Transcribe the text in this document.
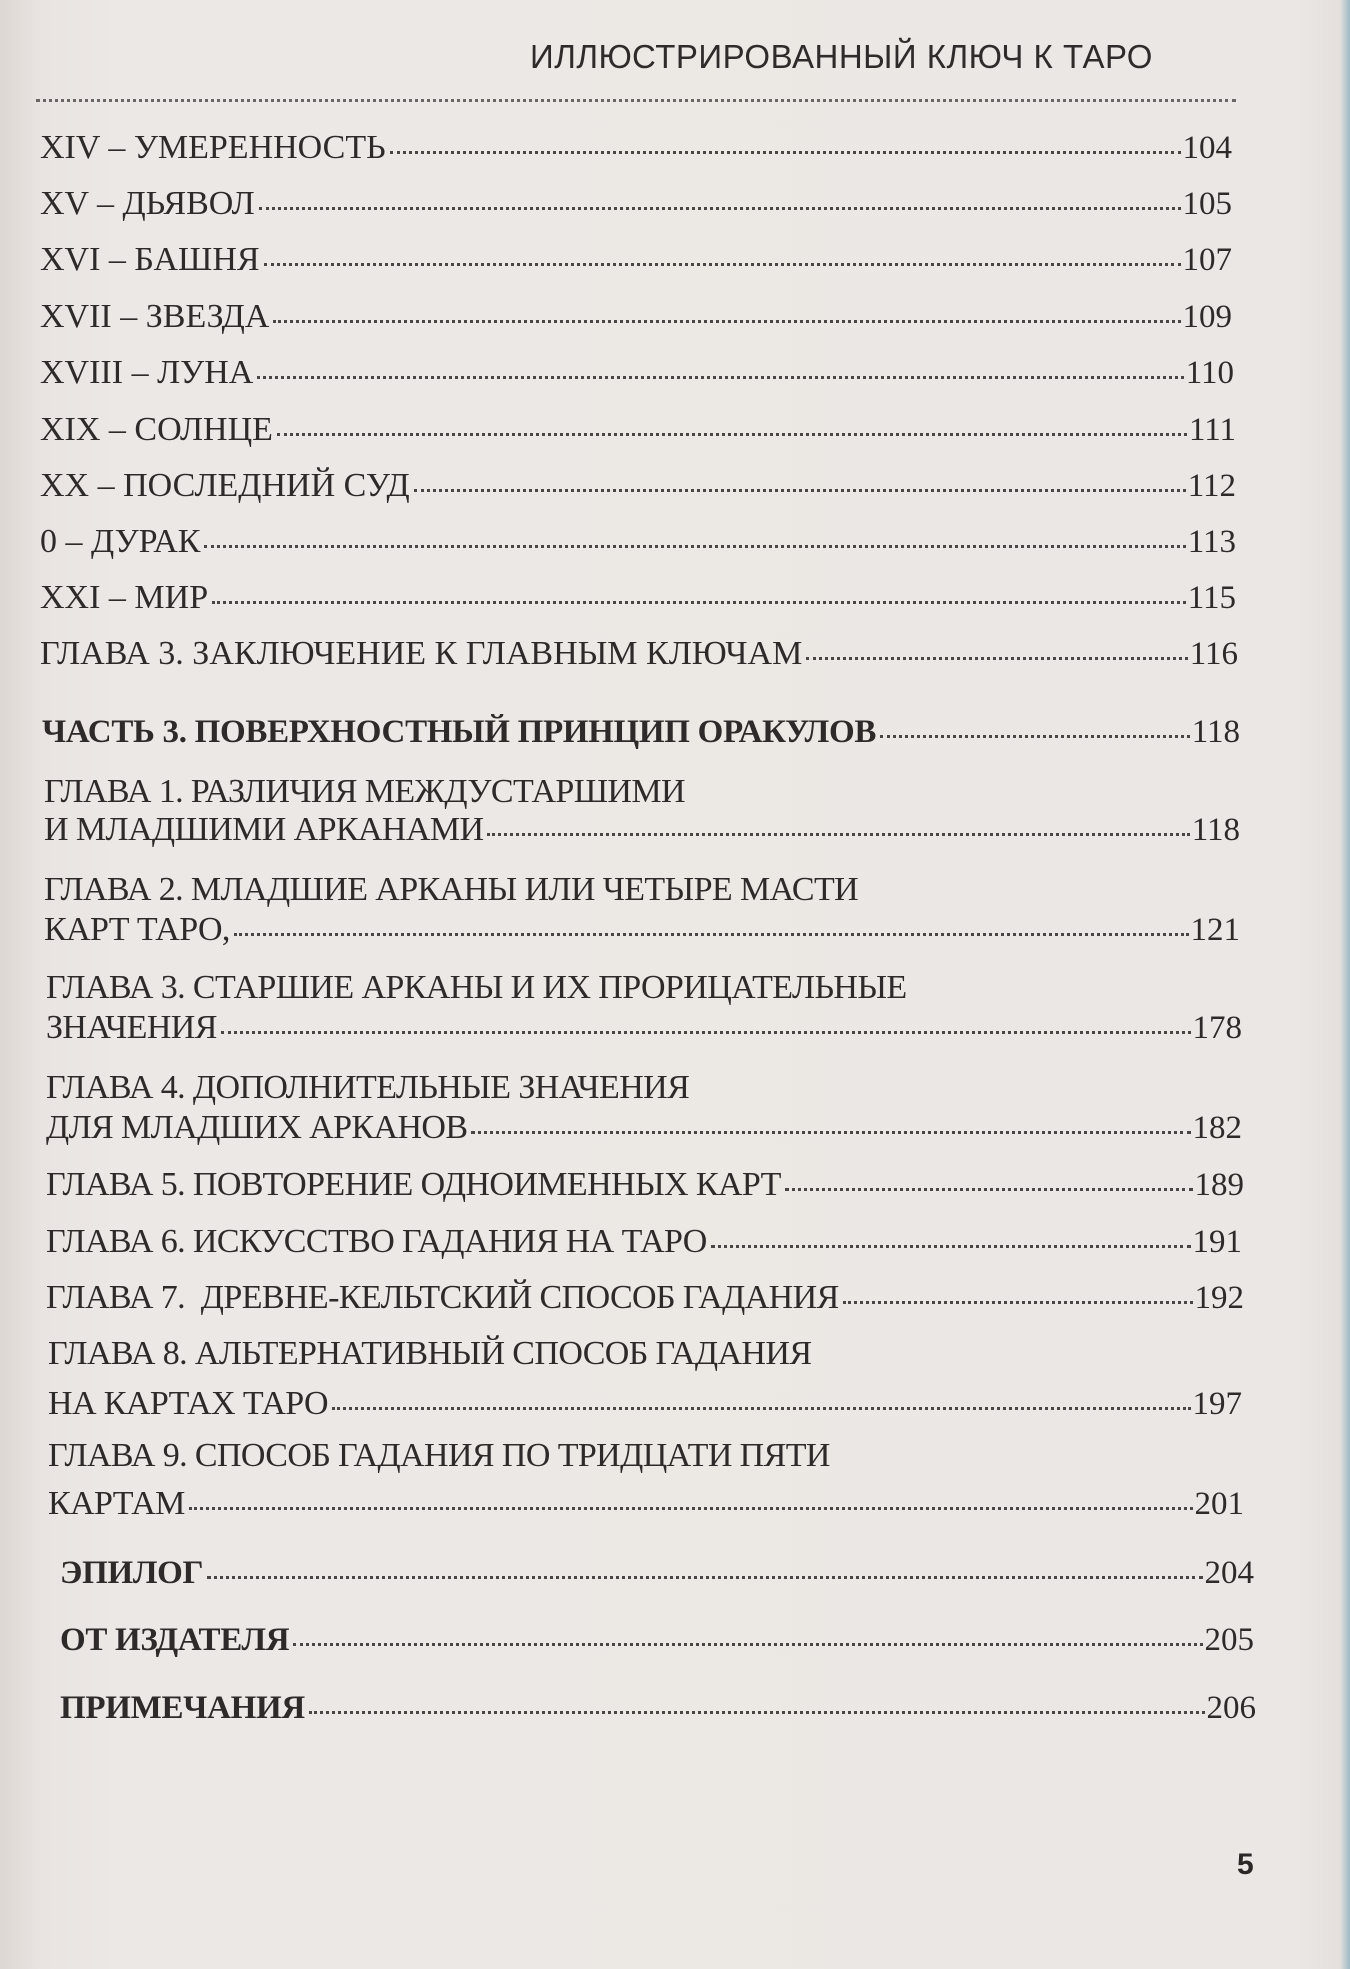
ИЛЛЮСТРИРОВАННЫЙ КЛЮЧ К ТАРО
XIV – УМЕРЕННОСТЬ	104
XV – ДЬЯВОЛ	105
XVI – БАШНЯ	107
XVII – ЗВЕЗДА	109
XVIII – ЛУНА	110
XIX – СОЛНЦЕ	111
XX – ПОСЛЕДНИЙ СУД	112
0 – ДУРАК	113
XXI – МИР	115
ГЛАВА 3. ЗАКЛЮЧЕНИЕ К ГЛАВНЫМ КЛЮЧАМ	116
ЧАСТЬ 3. ПОВЕРХНОСТНЫЙ ПРИНЦИП ОРАКУЛОВ	118
ГЛАВА 1. РАЗЛИЧИЯ МЕЖДУСТАРШИМИ
И МЛАДШИМИ АРКАНАМИ	118
ГЛАВА 2. МЛАДШИЕ АРКАНЫ ИЛИ ЧЕТЫРЕ МАСТИ
КАРТ ТАРО,	121
ГЛАВА 3. СТАРШИЕ АРКАНЫ И ИХ ПРОРИЦАТЕЛЬНЫЕ
ЗНАЧЕНИЯ	178
ГЛАВА 4. ДОПОЛНИТЕЛЬНЫЕ ЗНАЧЕНИЯ
ДЛЯ МЛАДШИХ АРКАНОВ	182
ГЛАВА 5. ПОВТОРЕНИЕ ОДНОИМЕННЫХ КАРТ	189
ГЛАВА 6. ИСКУССТВО ГАДАНИЯ НА ТАРО	191
ГЛАВА 7.  ДРЕВНЕ-КЕЛЬТСКИЙ СПОСОБ ГАДАНИЯ	192
ГЛАВА 8. АЛЬТЕРНАТИВНЫЙ СПОСОБ ГАДАНИЯ
НА КАРТАХ ТАРО	197
ГЛАВА 9. СПОСОБ ГАДАНИЯ ПО ТРИДЦАТИ ПЯТИ
КАРТАМ	201
ЭПИЛОГ	204
ОТ ИЗДАТЕЛЯ	205
ПРИМЕЧАНИЯ	206
5
